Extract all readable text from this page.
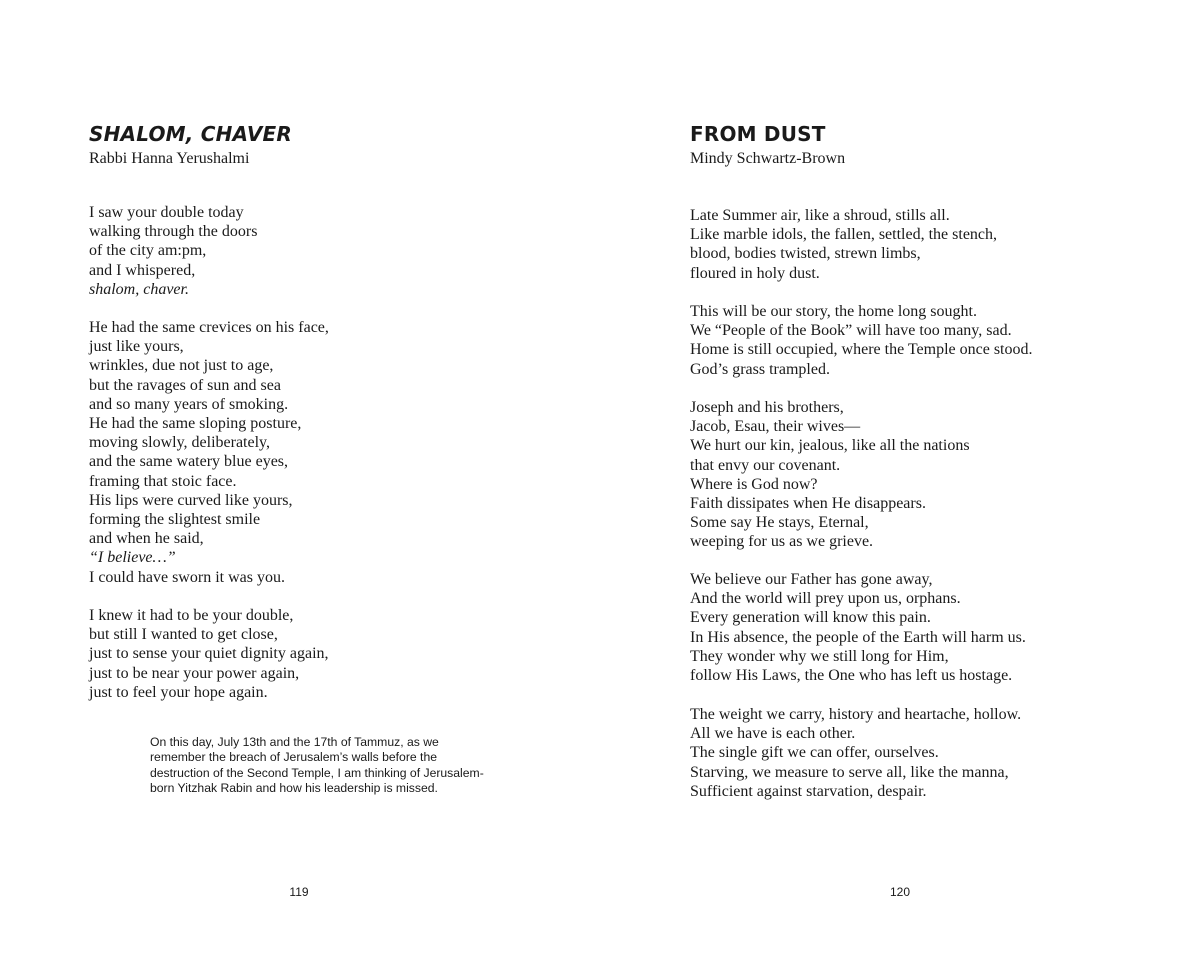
SHALOM, CHAVER

Rabbi Hanna Yerushalmi

I saw your double today
walking through the doors
of the city am:pm,
and I whispered,
shalom, chaver.
He had the same crevices on his face,
just like yours,
wrinkles, due not just to age,
but the ravages of sun and sea
and so many years of smoking.
He had the same sloping posture,
moving slowly, deliberately,
and the same watery blue eyes,
framing that stoic face.
His lips were curved like yours,
forming the slightest smile
and when he said,
“I believe…”
I could have sworn it was you.
I knew it had to be your double,
but still I wanted to get close,
just to sense your quiet dignity again,
just to be near your power again,
just to feel your hope again.

On this day, July 13th and the 17th of Tammuz, as we remember the breach of Jerusalem’s walls before the destruction of the Second Temple, I am thinking of Jerusalem-born Yitzhak Rabin and how his leadership is missed.

119
FROM DUST

Mindy Schwartz-Brown

Late Summer air, like a shroud, stills all.
Like marble idols, the fallen, settled, the stench,
blood, bodies twisted, strewn limbs,
floured in holy dust.
This will be our story, the home long sought.
We “People of the Book” will have too many, sad.
Home is still occupied, where the Temple once stood.
God’s grass trampled.
Joseph and his brothers,
Jacob, Esau, their wives—
We hurt our kin, jealous, like all the nations
that envy our covenant.
Where is God now?
Faith dissipates when He disappears.
Some say He stays, Eternal,
weeping for us as we grieve.
We believe our Father has gone away,
And the world will prey upon us, orphans.
Every generation will know this pain.
In His absence, the people of the Earth will harm us.
They wonder why we still long for Him,
follow His Laws, the One who has left us hostage.
The weight we carry, history and heartache, hollow.
All we have is each other.
The single gift we can offer, ourselves.
Starving, we measure to serve all, like the manna,
Sufficient against starvation, despair.
120
